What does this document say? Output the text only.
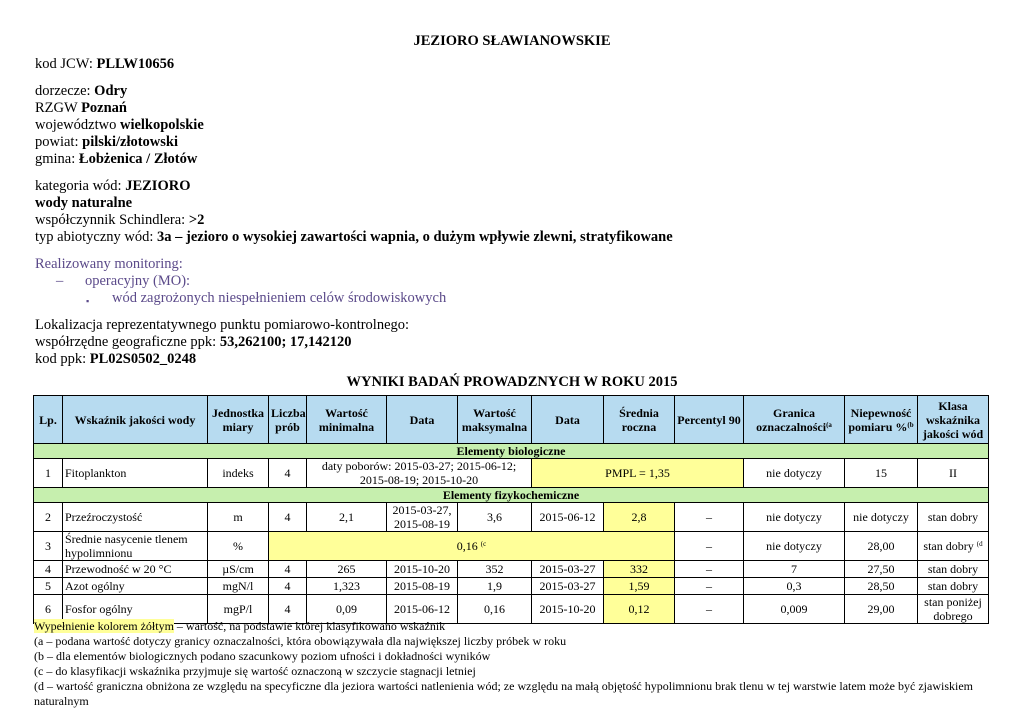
JEZIORO SŁAWIANOWSKIE
kod JCW: PLLW10656
dorzecze: Odry
RZGW Poznań
województwo wielkopolskie
powiat: pilski/złotowski
gmina: Łobżenica / Złotów
kategoria wód: JEZIORO
wody naturalne
współczynnik Schindlera: >2
typ abiotyczny wód: 3a – jezioro o wysokiej zawartości wapnia, o dużym wpływie zlewni, stratyfikowane
Realizowany monitoring:
– operacyjny (MO):
▪ wód zagrożonych niespełnieniem celów środowiskowych
Lokalizacja reprezentatywnego punktu pomiarowo-kontrolnego:
współrzędne geograficzne ppk: 53,262100; 17,142120
kod ppk: PL02S0502_0248
WYNIKI BADAŃ PROWADZNYCH W ROKU 2015
Lp.	Wskaźnik jakości wody	Jednostka miary	Liczba prób	Wartość minimalna	Data	Wartość maksymalna	Data	Średnia roczna	Percentyl 90	Granica oznaczalności$^{(a}$	Niepewność pomiaru %$^{(b}$	Klasa wskaźnika jakości wód
Elementy biologiczne												
1	Fitoplankton	indeks	4	daty poborów: 2015-03-27; 2015-06-12; 2015-08-19; 2015-10-20			PMPL = 1,35			nie dotyczy	15	II
Elementy fizykochemiczne												
2	Przeźroczystość	m	4	2,1	2015-03-27, 2015-08-19	3,6	2015-06-12	2,8	–	nie dotyczy	nie dotyczy	stan dobry
3	Średnie nasycenie tlenem hypolimnionu	%	0,16 $^{(c}$						–	nie dotyczy	28,00	stan dobry $^{(d}$
4	Przewodność w 20 °C	µS/cm	4	265	2015-10-20	352	2015-03-27	332	–	7	27,50	stan dobry
5	Azot ogólny	mgN/l	4	1,323	2015-08-19	1,9	2015-03-27	1,59	–	0,3	28,50	stan dobry
6	Fosfor ogólny	mgP/l	4	0,09	2015-06-12	0,16	2015-10-20	0,12	–	0,009	29,00	stan poniżej dobrego
Wypełnienie kolorem żółtym – wartość, na podstawie której klasyfikowano wskaźnik
(a – podana wartość dotyczy granicy oznaczalności, która obowiązywała dla największej liczby próbek w roku
(b – dla elementów biologicznych podano szacunkowy poziom ufności i dokładności wyników
(c – do klasyfikacji wskaźnika przyjmuje się wartość oznaczoną w szczycie stagnacji letniej
(d – wartość graniczna obniżona ze względu na specyficzne dla jeziora wartości natlenienia wód; ze względu na małą objętość hypolimnionu brak tlenu w tej warstwie latem może być zjawiskiem naturalnym
